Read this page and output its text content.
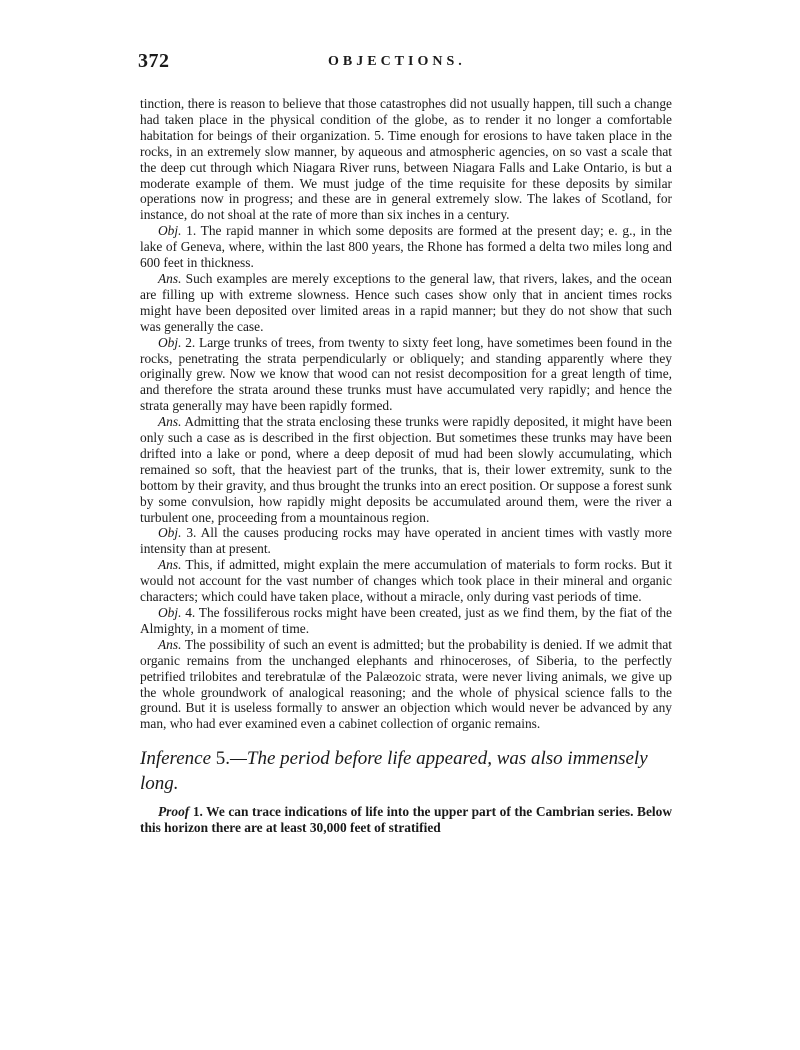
372	OBJECTIONS.

tinction, there is reason to believe that those catastrophes did not usually happen, till such a change had taken place in the physical condition of the globe, as to render it no longer a comfortable habitation for beings of their organization. 5. Time enough for erosions to have taken place in the rocks, in an extremely slow manner, by aqueous and atmospheric agencies, on so vast a scale that the deep cut through which Niagara River runs, between Niagara Falls and Lake Ontario, is but a moderate example of them. We must judge of the time requisite for these deposits by similar operations now in progress; and these are in general extremely slow. The lakes of Scotland, for instance, do not shoal at the rate of more than six inches in a century.

Obj. 1. The rapid manner in which some deposits are formed at the present day; e. g., in the lake of Geneva, where, within the last 800 years, the Rhone has formed a delta two miles long and 600 feet in thickness.

Ans. Such examples are merely exceptions to the general law, that rivers, lakes, and the ocean are filling up with extreme slowness. Hence such cases show only that in ancient times rocks might have been deposited over limited areas in a rapid manner; but they do not show that such was generally the case.

Obj. 2. Large trunks of trees, from twenty to sixty feet long, have sometimes been found in the rocks, penetrating the strata perpendicularly or obliquely; and standing apparently where they originally grew. Now we know that wood can not resist decomposition for a great length of time, and therefore the strata around these trunks must have accumulated very rapidly; and hence the strata generally may have been rapidly formed.

Ans. Admitting that the strata enclosing these trunks were rapidly deposited, it might have been only such a case as is described in the first objection. But sometimes these trunks may have been drifted into a lake or pond, where a deep deposit of mud had been slowly accumulating, which remained so soft, that the heaviest part of the trunks, that is, their lower extremity, sunk to the bottom by their gravity, and thus brought the trunks into an erect position. Or suppose a forest sunk by some convulsion, how rapidly might deposits be accumulated around them, were the river a turbulent one, proceeding from a mountainous region.

Obj. 3. All the causes producing rocks may have operated in ancient times with vastly more intensity than at present.

Ans. This, if admitted, might explain the mere accumulation of materials to form rocks. But it would not account for the vast number of changes which took place in their mineral and organic characters; which could have taken place, without a miracle, only during vast periods of time.

Obj. 4. The fossiliferous rocks might have been created, just as we find them, by the fiat of the Almighty, in a moment of time.

Ans. The possibility of such an event is admitted; but the probability is denied. If we admit that organic remains from the unchanged elephants and rhinoceroses, of Siberia, to the perfectly petrified trilobites and terebratulæ of the Palæozoic strata, were never living animals, we give up the whole groundwork of analogical reasoning; and the whole of physical science falls to the ground. But it is useless formally to answer an objection which would never be advanced by any man, who had ever examined even a cabinet collection of organic remains.

Inference 5.—The period before life appeared, was also immensely long.

Proof 1. We can trace indications of life into the upper part of the Cambrian series. Below this horizon there are at least 30,000 feet of stratified
